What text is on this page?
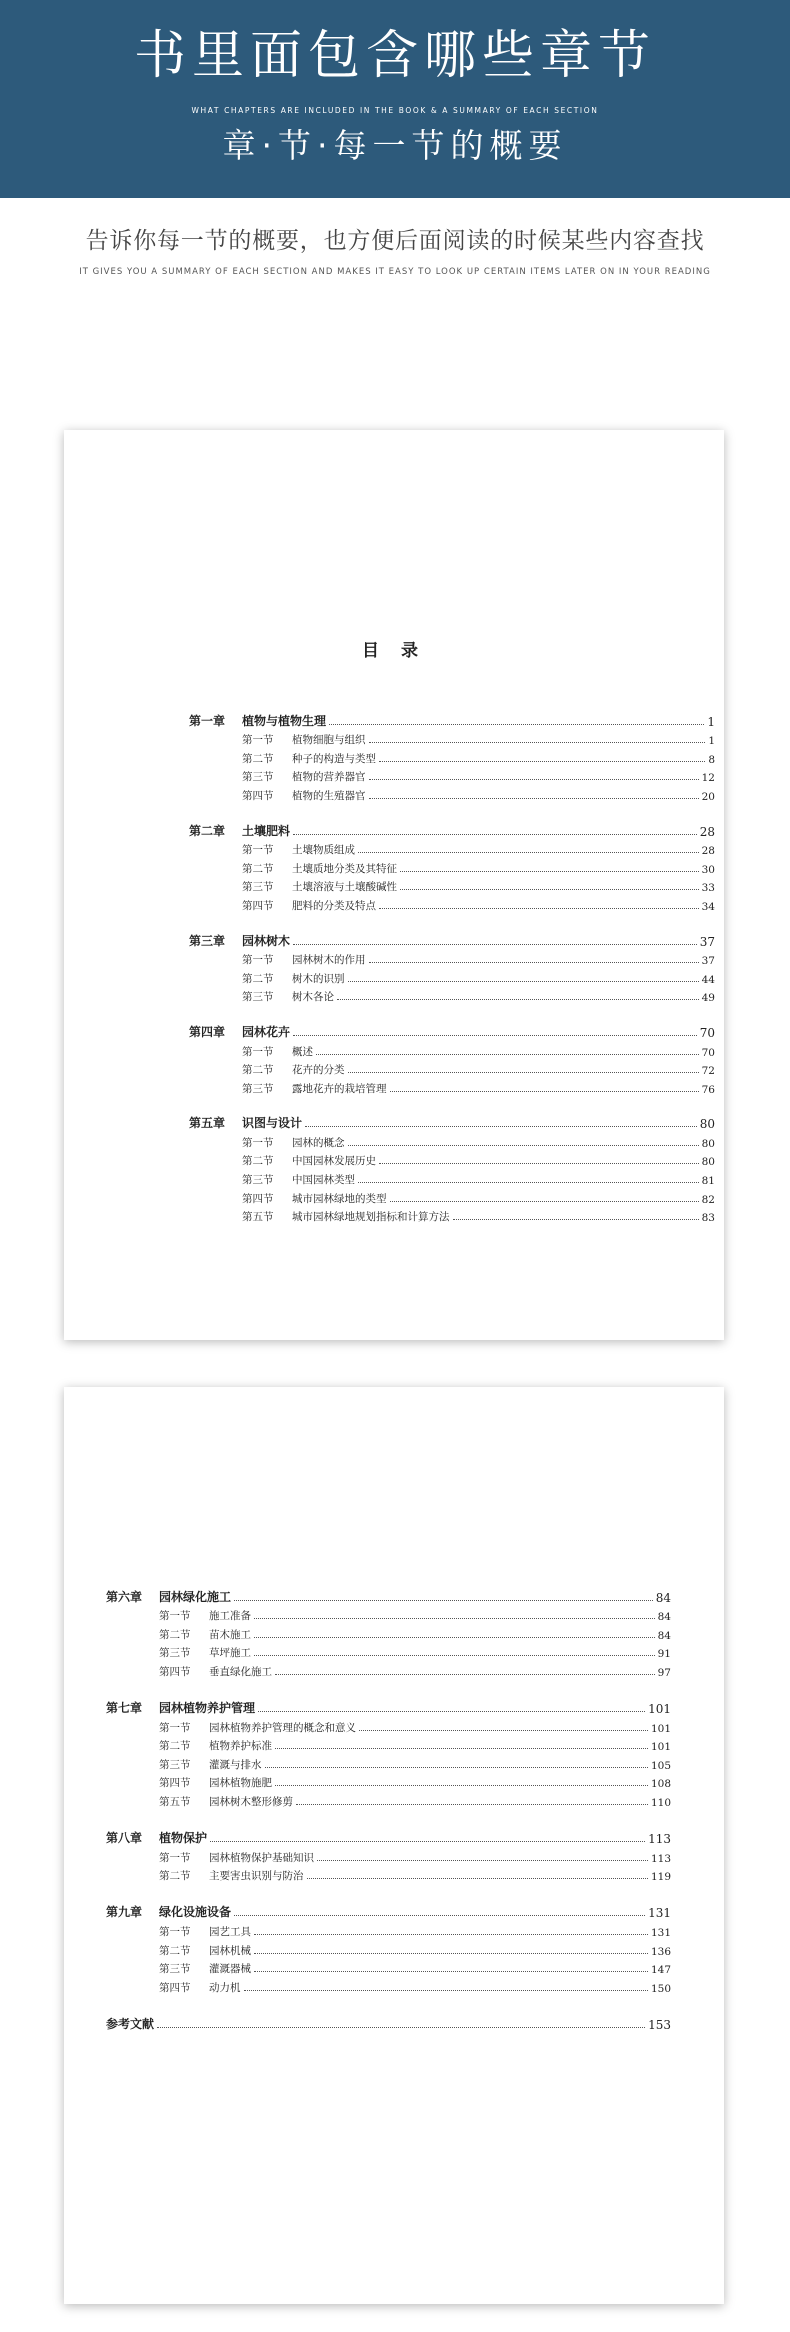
书里面包含哪些章节
WHAT CHAPTERS ARE INCLUDED IN THE BOOK & A SUMMARY OF EACH SECTION
章·节·每一节的概要
告诉你每一节的概要，也方便后面阅读的时候某些内容查找
IT GIVES YOU A SUMMARY OF EACH SECTION AND MAKES IT EASY TO LOOK UP CERTAIN ITEMS LATER ON IN YOUR READING
目 录
第一章	植物与植物生理	1
第一节	植物细胞与组织	1
第二节	种子的构造与类型	8
第三节	植物的营养器官	12
第四节	植物的生殖器官	20
第二章	土壤肥料	28
第一节	土壤物质组成	28
第二节	土壤质地分类及其特征	30
第三节	土壤溶液与土壤酸碱性	33
第四节	肥料的分类及特点	34
第三章	园林树木	37
第一节	园林树木的作用	37
第二节	树木的识别	44
第三节	树木各论	49
第四章	园林花卉	70
第一节	概述	70
第二节	花卉的分类	72
第三节	露地花卉的栽培管理	76
第五章	识图与设计	80
第一节	园林的概念	80
第二节	中国园林发展历史	80
第三节	中国园林类型	81
第四节	城市园林绿地的类型	82
第五节	城市园林绿地规划指标和计算方法	83
第六章	园林绿化施工	84
第一节	施工准备	84
第二节	苗木施工	84
第三节	草坪施工	91
第四节	垂直绿化施工	97
第七章	园林植物养护管理	101
第一节	园林植物养护管理的概念和意义	101
第二节	植物养护标准	101
第三节	灌溉与排水	105
第四节	园林植物施肥	108
第五节	园林树木整形修剪	110
第八章	植物保护	113
第一节	园林植物保护基础知识	113
第二节	主要害虫识别与防治	119
第九章	绿化设施设备	131
第一节	园艺工具	131
第二节	园林机械	136
第三节	灌溉器械	147
第四节	动力机	150
参考文献	153
